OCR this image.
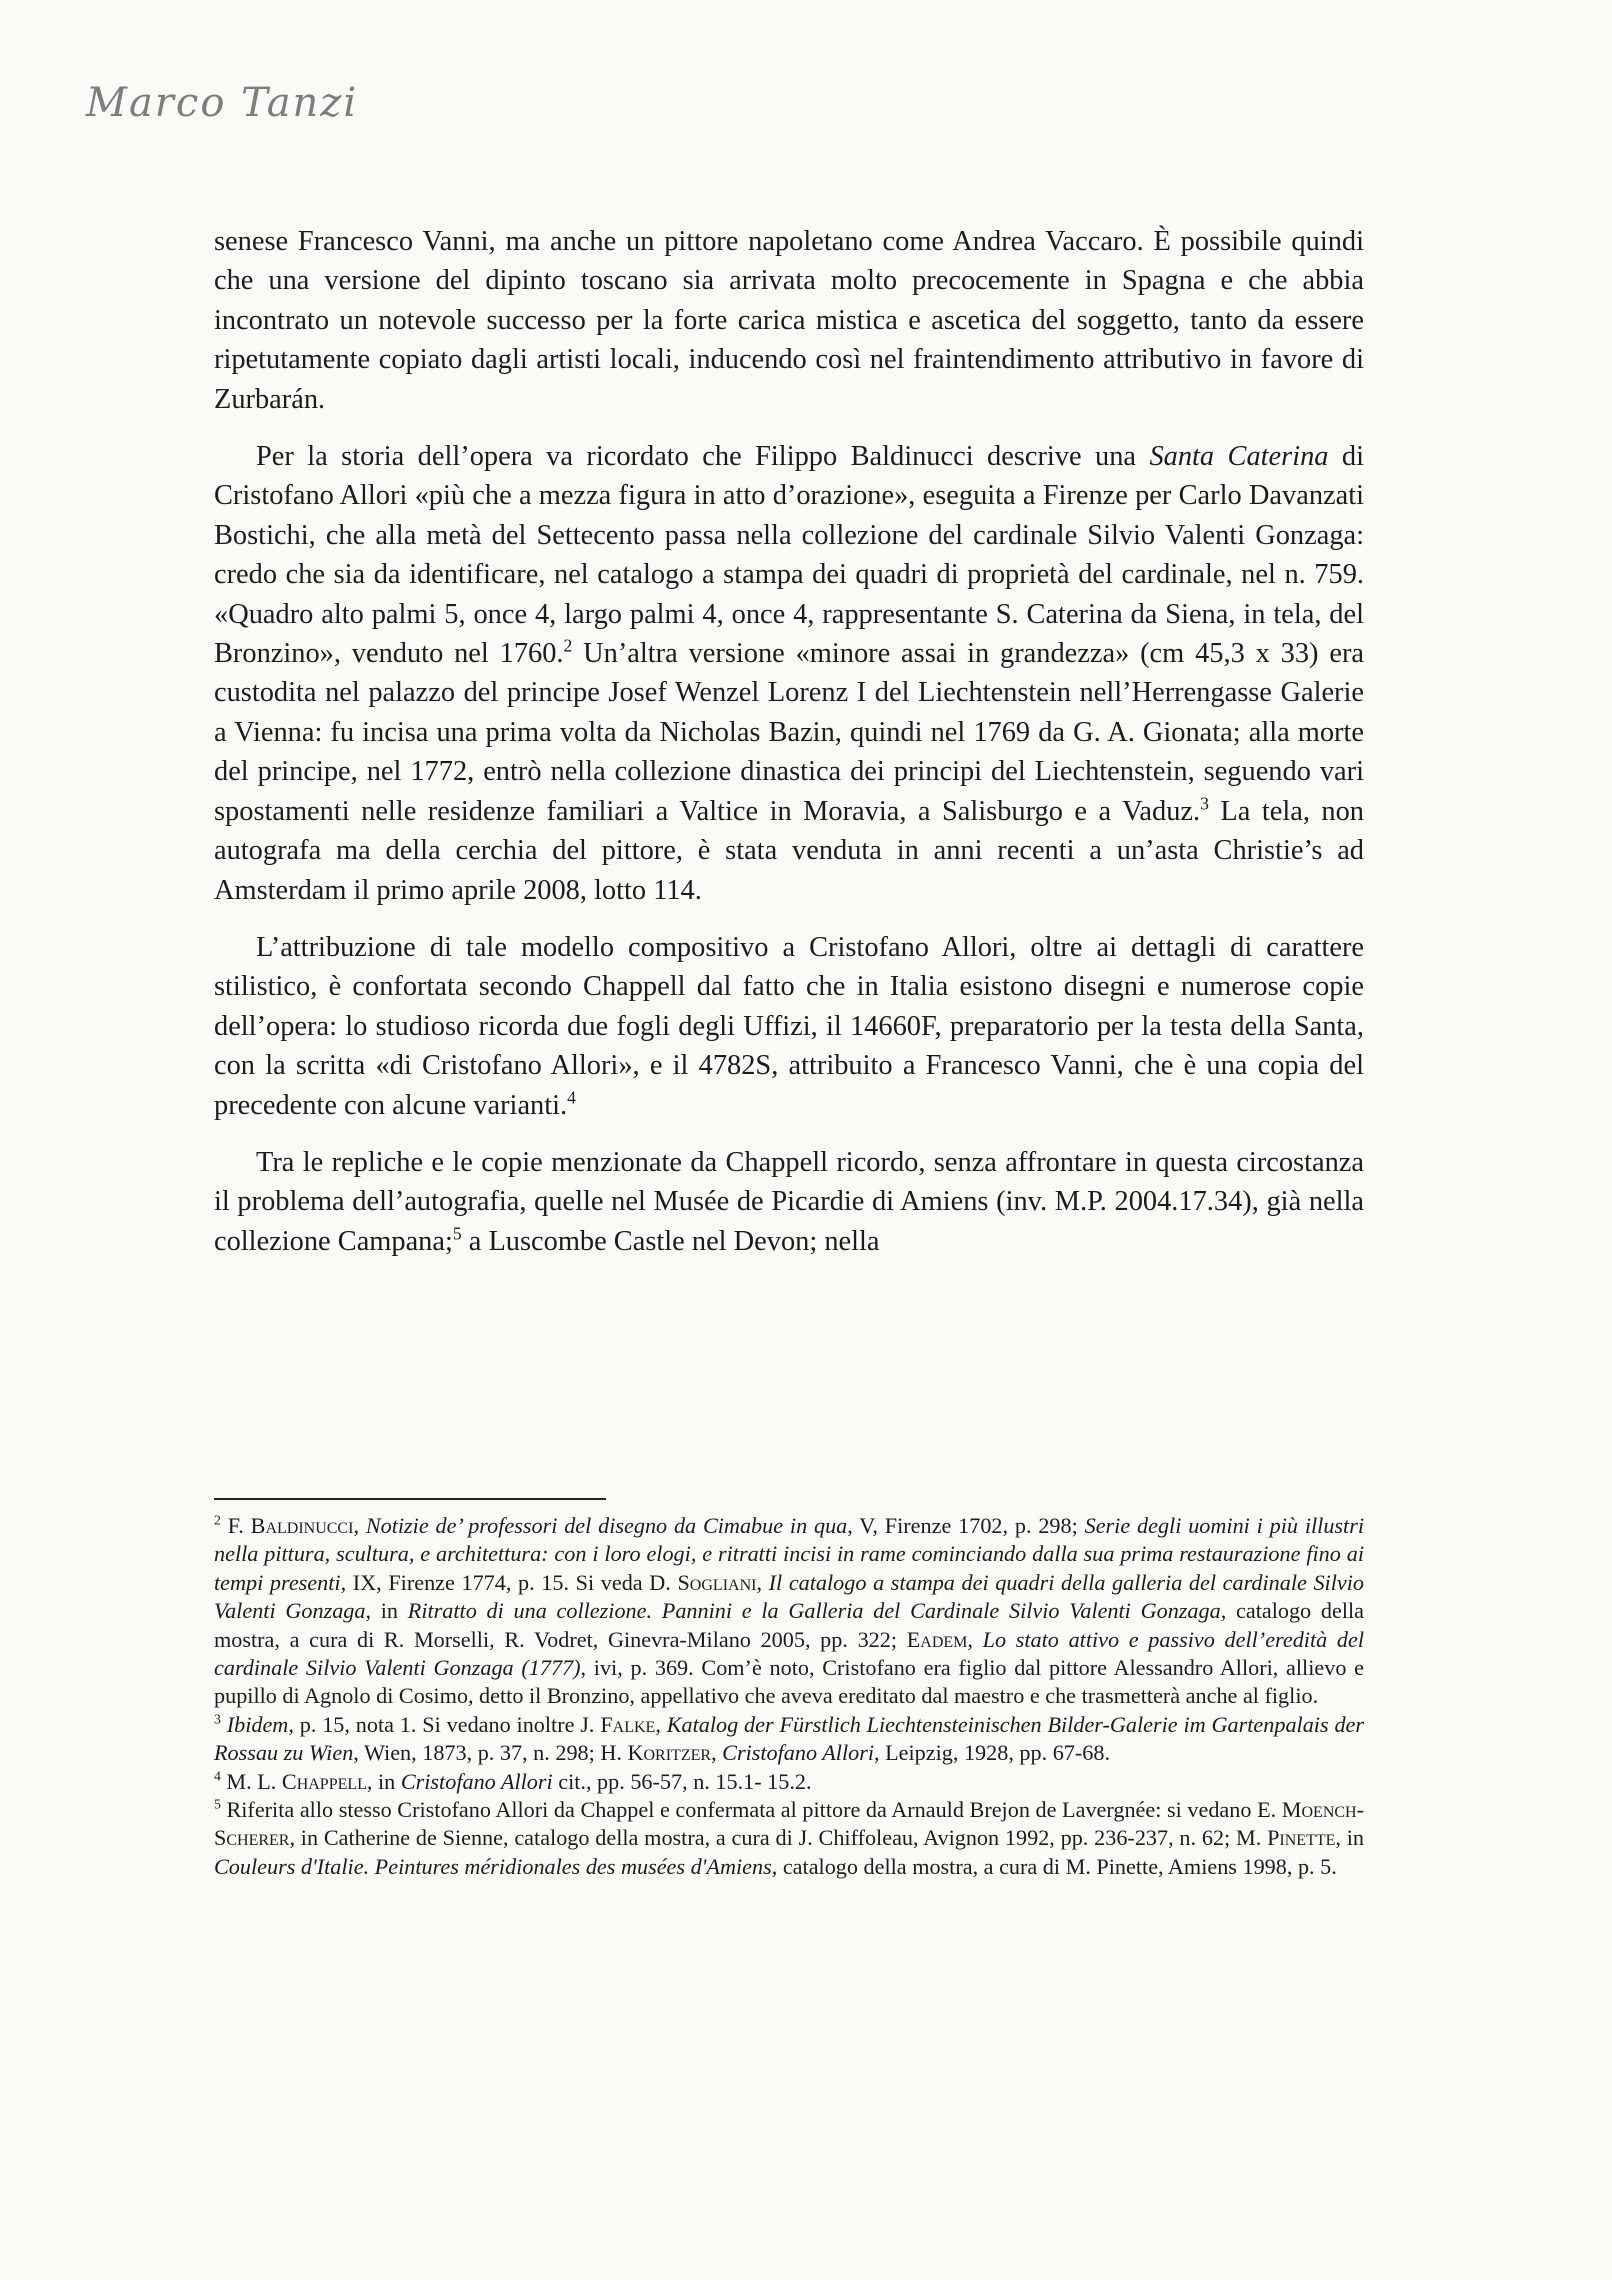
Marco Tanzi

senese Francesco Vanni, ma anche un pittore napoletano come Andrea Vaccaro. È possibile quindi che una versione del dipinto toscano sia arrivata molto precocemente in Spagna e che abbia incontrato un notevole successo per la forte carica mistica e ascetica del soggetto, tanto da essere ripetutamente copiato dagli artisti locali, inducendo così nel fraintendimento attributivo in favore di Zurbarán.

Per la storia dell’opera va ricordato che Filippo Baldinucci descrive una Santa Caterina di Cristofano Allori «più che a mezza figura in atto d’orazione», eseguita a Firenze per Carlo Davanzati Bostichi, che alla metà del Settecento passa nella collezione del cardinale Silvio Valenti Gonzaga: credo che sia da identificare, nel catalogo a stampa dei quadri di proprietà del cardinale, nel n. 759. «Quadro alto palmi 5, once 4, largo palmi 4, once 4, rappresentante S. Caterina da Siena, in tela, del Bronzino», venduto nel 1760.$^2$ Un’altra versione «minore assai in grandezza» (cm 45,3 x 33) era custodita nel palazzo del principe Josef Wenzel Lorenz I del Liechtenstein nell’Herrengasse Galerie a Vienna: fu incisa una prima volta da Nicholas Bazin, quindi nel 1769 da G. A. Gionata; alla morte del principe, nel 1772, entrò nella collezione dinastica dei principi del Liechtenstein, seguendo vari spostamenti nelle residenze familiari a Valtice in Moravia, a Salisburgo e a Vaduz.$^3$ La tela, non autografa ma della cerchia del pittore, è stata venduta in anni recenti a un’asta Christie’s ad Amsterdam il primo aprile 2008, lotto 114.

L’attribuzione di tale modello compositivo a Cristofano Allori, oltre ai dettagli di carattere stilistico, è confortata secondo Chappell dal fatto che in Italia esistono disegni e numerose copie dell’opera: lo studioso ricorda due fogli degli Uffizi, il 14660F, preparatorio per la testa della Santa, con la scritta «di Cristofano Allori», e il 4782S, attribuito a Francesco Vanni, che è una copia del precedente con alcune varianti.$^4$

Tra le repliche e le copie menzionate da Chappell ricordo, senza affrontare in questa circostanza il problema dell’autografia, quelle nel Musée de Picardie di Amiens (inv. M.P. 2004.17.34), già nella collezione Campana;$^5$ a Luscombe Castle nel Devon; nella

$^2$ F. Baldinucci, Notizie de’ professori del disegno da Cimabue in qua, V, Firenze 1702, p. 298; Serie degli uomini i più illustri nella pittura, scultura, e architettura: con i loro elogi, e ritratti incisi in rame cominciando dalla sua prima restaurazione fino ai tempi presenti, IX, Firenze 1774, p. 15. Si veda D. Sogliani, Il catalogo a stampa dei quadri della galleria del cardinale Silvio Valenti Gonzaga, in Ritratto di una collezione. Pannini e la Galleria del Cardinale Silvio Valenti Gonzaga, catalogo della mostra, a cura di R. Morselli, R. Vodret, Ginevra-Milano 2005, pp. 322; Eadem, Lo stato attivo e passivo dell’eredità del cardinale Silvio Valenti Gonzaga (1777), ivi, p. 369. Com’è noto, Cristofano era figlio dal pittore Alessandro Allori, allievo e pupillo di Agnolo di Cosimo, detto il Bronzino, appellativo che aveva ereditato dal maestro e che trasmetterà anche al figlio.

$^3$ Ibidem, p. 15, nota 1. Si vedano inoltre J. Falke, Katalog der Fürstlich Liechtensteinischen Bilder-Galerie im Gartenpalais der Rossau zu Wien, Wien, 1873, p. 37, n. 298; H. Koritzer, Cristofano Allori, Leipzig, 1928, pp. 67-68.

$^4$ M. L. Chappell, in Cristofano Allori cit., pp. 56-57, n. 15.1- 15.2.

$^5$ Riferita allo stesso Cristofano Allori da Chappel e confermata al pittore da Arnauld Brejon de Lavergnée: si vedano E. Moench-Scherer, in Catherine de Sienne, catalogo della mostra, a cura di J. Chiffoleau, Avignon 1992, pp. 236-237, n. 62; M. Pinette, in Couleurs d'Italie. Peintures méridionales des musées d'Amiens, catalogo della mostra, a cura di M. Pinette, Amiens 1998, p. 5.
